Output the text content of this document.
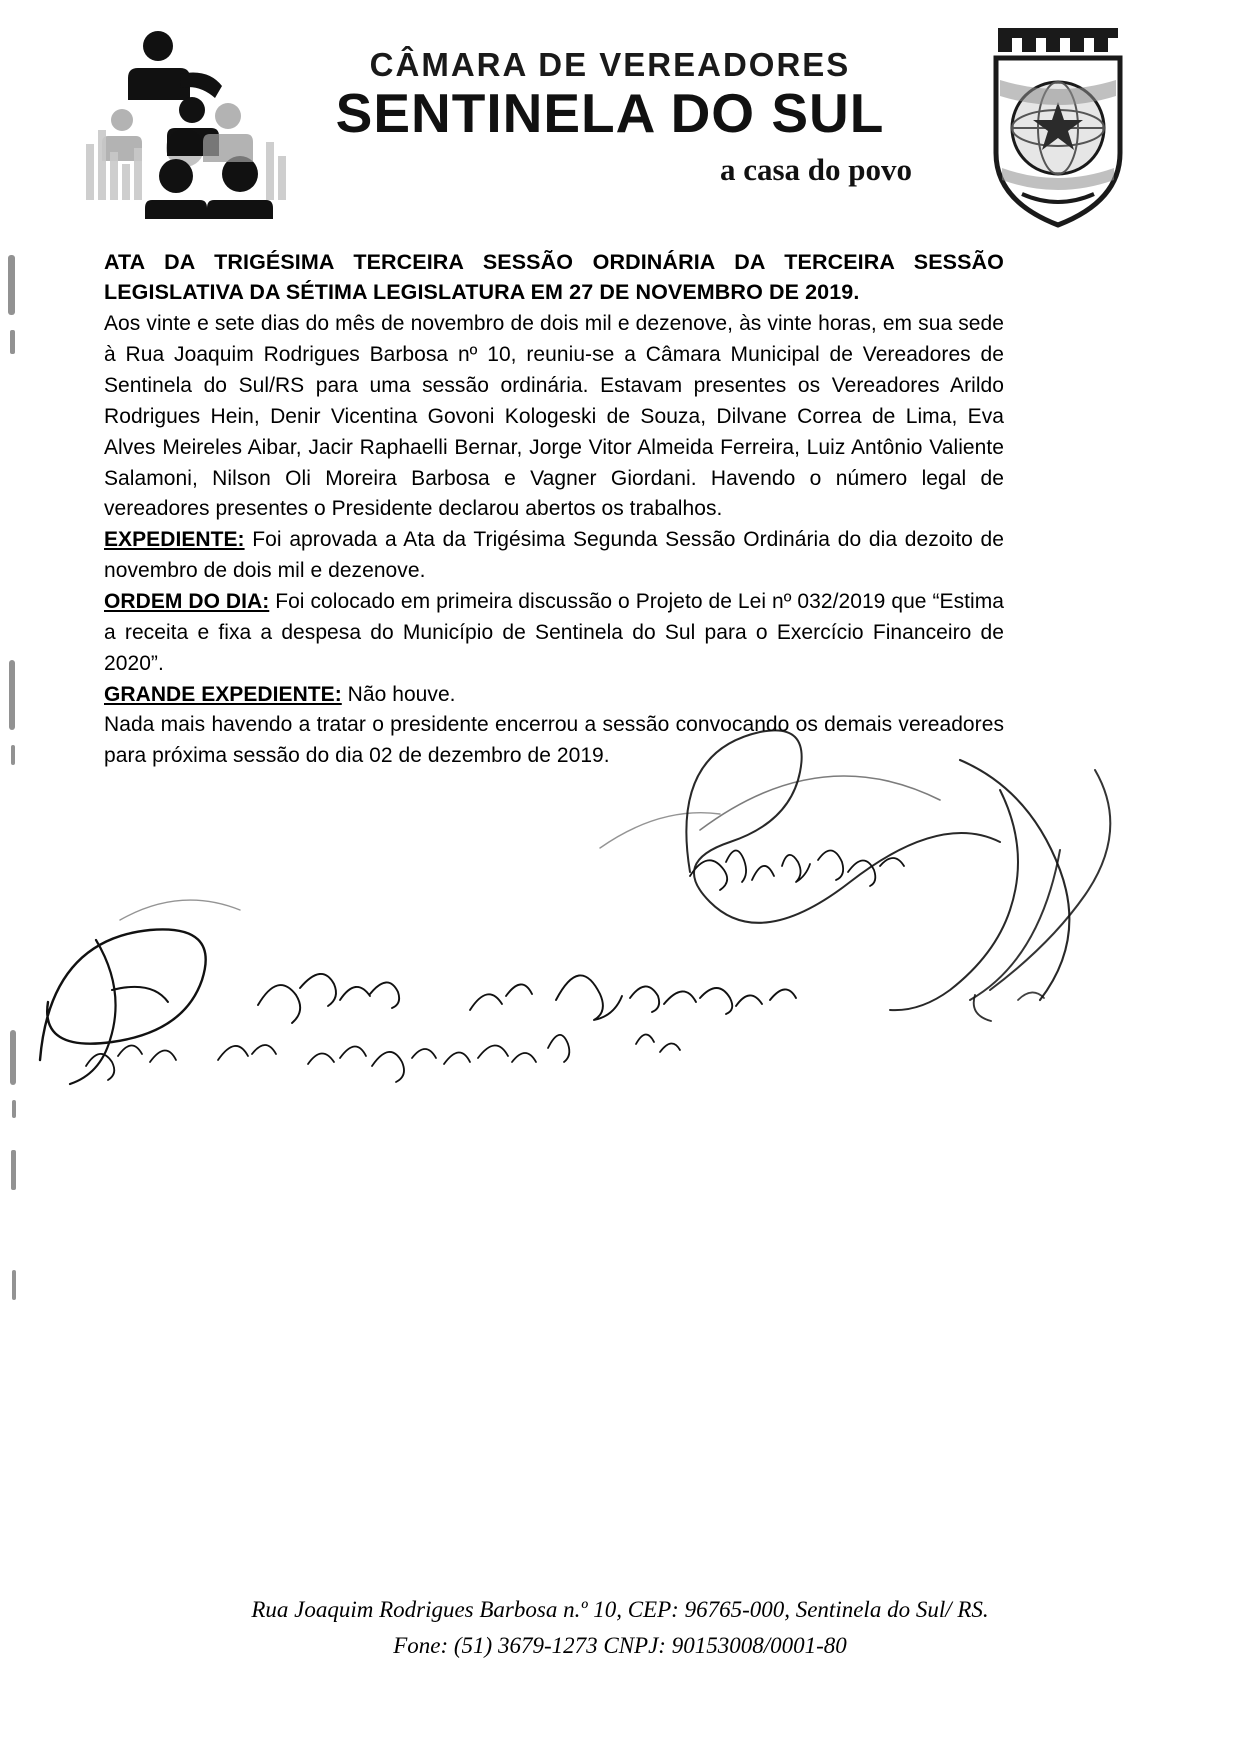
CÂMARA DE VEREADORES
SENTINELA DO SUL
a casa do povo

ATA DA TRIGÉSIMA TERCEIRA SESSÃO ORDINÁRIA DA TERCEIRA SESSÃO LEGISLATIVA DA SÉTIMA LEGISLATURA EM 27 DE NOVEMBRO DE 2019.

Aos vinte e sete dias do mês de novembro de dois mil e dezenove, às vinte horas, em sua sede à Rua Joaquim Rodrigues Barbosa nº 10, reuniu-se a Câmara Municipal de Vereadores de Sentinela do Sul/RS para uma sessão ordinária. Estavam presentes os Vereadores Arildo Rodrigues Hein, Denir Vicentina Govoni Kologeski de Souza, Dilvane Correa de Lima, Eva Alves Meireles Aibar, Jacir Raphaelli Bernar, Jorge Vitor Almeida Ferreira, Luiz Antônio Valiente Salamoni, Nilson Oli Moreira Barbosa e Vagner Giordani. Havendo o número legal de vereadores presentes o Presidente declarou abertos os trabalhos.

EXPEDIENTE: Foi aprovada a Ata da Trigésima Segunda Sessão Ordinária do dia dezoito de novembro de dois mil e dezenove.

ORDEM DO DIA: Foi colocado em primeira discussão o Projeto de Lei nº 032/2019 que “Estima a receita e fixa a despesa do Município de Sentinela do Sul para o Exercício Financeiro de 2020”.

GRANDE EXPEDIENTE: Não houve.

Nada mais havendo a tratar o presidente encerrou a sessão convocando os demais vereadores para próxima sessão do dia 02 de dezembro de 2019.

Rua Joaquim Rodrigues Barbosa n.º 10, CEP: 96765-000, Sentinela do Sul/ RS.
Fone: (51) 3679-1273 CNPJ: 90153008/0001-80
